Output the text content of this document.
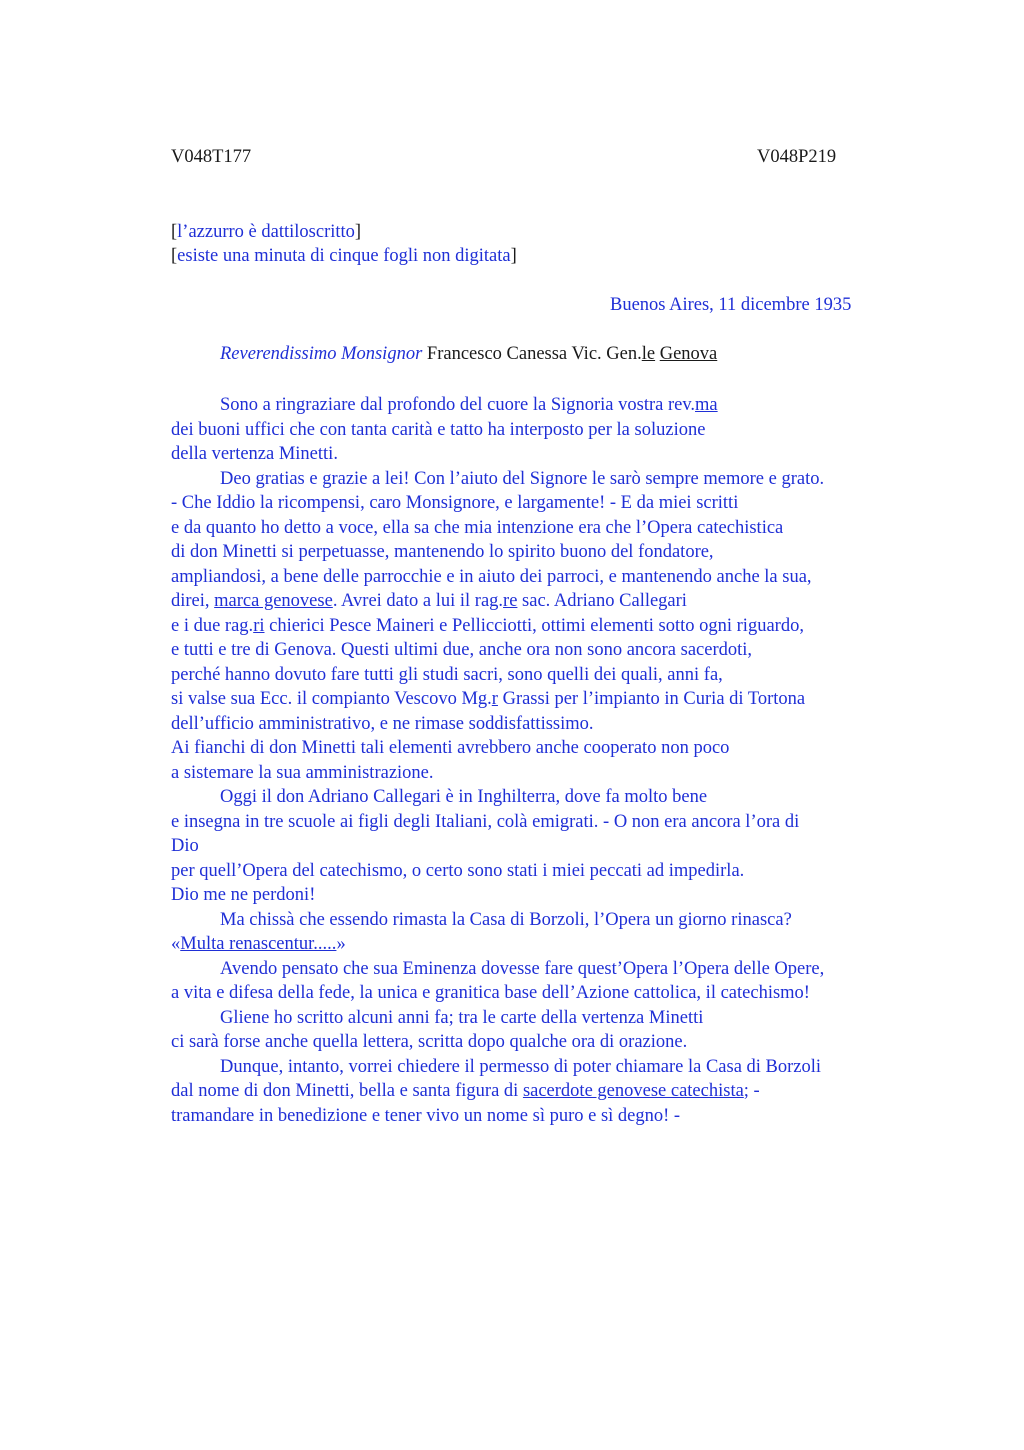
V048T177	V048P219
[l’azzurro è dattiloscritto]
[esiste una minuta di cinque fogli non digitata]
Buenos Aires, 11 dicembre 1935
Reverendissimo Monsignor Francesco Canessa Vic. Gen.le Genova
Sono a ringraziare dal profondo del cuore la Signoria vostra rev.ma
dei buoni uffici che con tanta carità e tatto ha interposto per la soluzione
della vertenza Minetti.
Deo gratias e grazie a lei! Con l’aiuto del Signore le sarò sempre memore e grato.
- Che Iddio la ricompensi, caro Monsignore, e largamente! - E da miei scritti
e da quanto ho detto a voce, ella sa che mia intenzione era che l’Opera catechistica
di don Minetti si perpetuasse, mantenendo lo spirito buono del fondatore,
ampliandosi, a bene delle parrocchie e in aiuto dei parroci, e mantenendo anche la sua,
direi, marca genovese. Avrei dato a lui il rag.re sac. Adriano Callegari
e i due rag.ri chierici Pesce Maineri e Pellicciotti, ottimi elementi sotto ogni riguardo,
e tutti e tre di Genova. Questi ultimi due, anche ora non sono ancora sacerdoti,
perché hanno dovuto fare tutti gli studi sacri, sono quelli dei quali, anni fa,
si valse sua Ecc. il compianto Vescovo Mg.r Grassi per l’impianto in Curia di Tortona
dell’ufficio amministrativo, e ne rimase soddisfattissimo.
Ai fianchi di don Minetti tali elementi avrebbero anche cooperato non poco
a sistemare la sua amministrazione.
Oggi il don Adriano Callegari è in Inghilterra, dove fa molto bene
e insegna in tre scuole ai figli degli Italiani, colà emigrati. - O non era ancora l’ora di
Dio
per quell’Opera del catechismo, o certo sono stati i miei peccati ad impedirla.
Dio me ne perdoni!
Ma chissà che essendo rimasta la Casa di Borzoli, l’Opera un giorno rinasca?
«Multa renascentur.....»
Avendo pensato che sua Eminenza dovesse fare quest’Opera l’Opera delle Opere,
a vita e difesa della fede, la unica e granitica base dell’Azione cattolica, il catechismo!
Gliene ho scritto alcuni anni fa; tra le carte della vertenza Minetti
ci sarà forse anche quella lettera, scritta dopo qualche ora di orazione.
Dunque, intanto, vorrei chiedere il permesso di poter chiamare la Casa di Borzoli
dal nome di don Minetti, bella e santa figura di sacerdote genovese catechista; -
tramandare in benedizione e tener vivo un nome sì puro e sì degno! -
